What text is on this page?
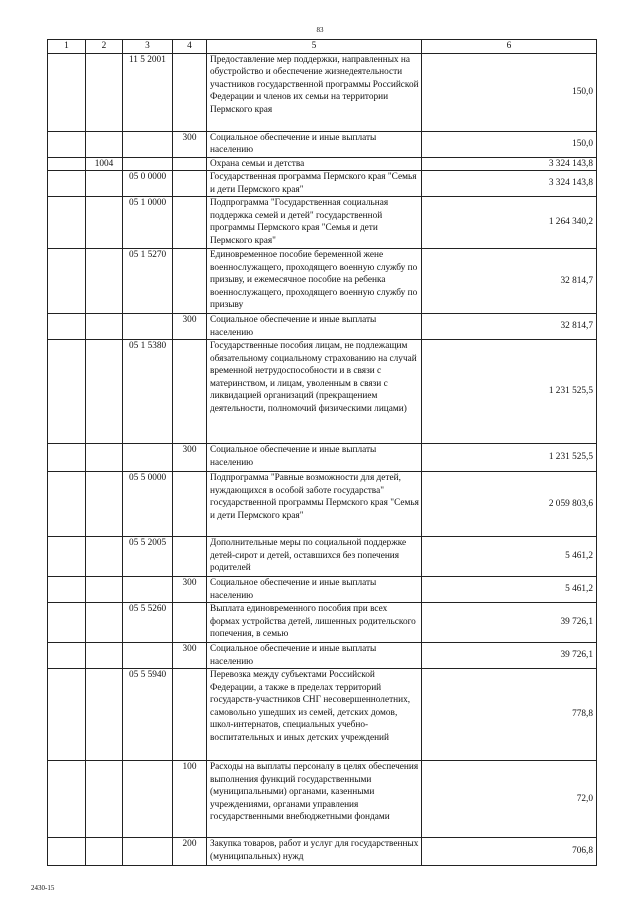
83
1	2	3	4	5	6
		11 5 2001		Предоставление мер поддержки, направленных на обустройство и обеспечение жизнедеятельности участников государственной программы Российской Федерации и членов их семьи на территории Пермского края	150,0
			300	Социальное обеспечение и иные выплаты населению	150,0
	1004			Охрана семьи и детства	3 324 143,8
		05 0 0000		Государственная программа Пермского края "Семья и дети Пермского края"	3 324 143,8
		05 1 0000		Подпрограмма "Государственная социальная поддержка семей и детей" государственной программы Пермского края "Семья и дети Пермского края"	1 264 340,2
		05 1 5270		Единовременное пособие беременной жене военнослужащего, проходящего военную службу по призыву, и ежемесячное пособие на ребенка военнослужащего, проходящего военную службу по призыву	32 814,7
			300	Социальное обеспечение и иные выплаты населению	32 814,7
		05 1 5380		Государственные пособия лицам, не подлежащим обязательному социальному страхованию на случай временной нетрудоспособности и в связи с материнством, и лицам, уволенным в связи с ликвидацией организаций (прекращением деятельности, полномочий физическими лицами)	1 231 525,5
			300	Социальное обеспечение и иные выплаты населению	1 231 525,5
		05 5 0000		Подпрограмма "Равные возможности для детей, нуждающихся в особой заботе государства" государственной программы Пермского края "Семья и дети Пермского края"	2 059 803,6
		05 5 2005		Дополнительные меры по социальной поддержке детей-сирот и детей, оставшихся без попечения родителей	5 461,2
			300	Социальное обеспечение и иные выплаты населению	5 461,2
		05 5 5260		Выплата единовременного пособия при всех формах устройства детей, лишенных родительского попечения, в семью	39 726,1
			300	Социальное обеспечение и иные выплаты населению	39 726,1
		05 5 5940		Перевозка между субъектами Российской Федерации, а также в пределах территорий государств-участников СНГ несовершеннолетних, самовольно ушедших из семей, детских домов, школ-интернатов, специальных учебно-воспитательных и иных детских учреждений	778,8
			100	Расходы на выплаты персоналу в целях обеспечения выполнения функций государственными (муниципальными) органами, казенными учреждениями, органами управления государственными внебюджетными фондами	72,0
			200	Закупка товаров, работ и услуг для государственных (муниципальных) нужд	706,8
2430-15
